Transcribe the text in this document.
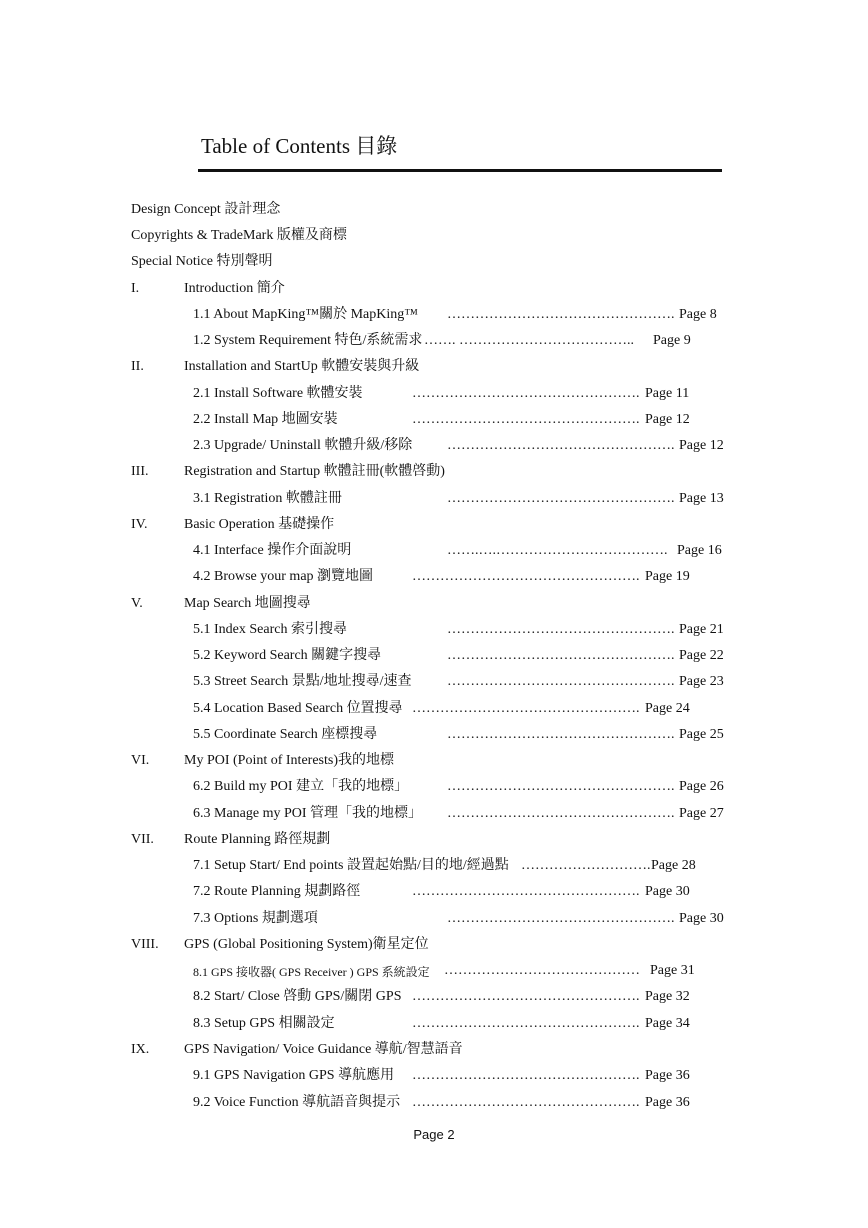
Table of Contents 目錄
Design Concept 設計理念
Copyrights & TradeMark 版權及商標
Special Notice 特別聲明
I.	Introduction 簡介
1.1 About MapKing™關於 MapKing™ …………………………………………. Page 8
1.2 System Requirement 特色/系統需求 ……. ……………………………….. Page 9
II.	Installation and StartUp 軟體安裝與升級
2.1 Install Software 軟體安裝	…………………………………………. Page 11
2.2 Install Map 地圖安裝	…………………………………………. Page 12
2.3 Upgrade/ Uninstall 軟體升級/移除 …………………………………………. Page 12
III.	Registration and Startup 軟體註冊(軟體啓動)
3.1 Registration 軟體註冊	…………………………………………. Page 13
IV.	Basic Operation 基礎操作
4.1 Interface 操作介面說明	…….….………………………………. Page 16
4.2 Browse your map 瀏覽地圖	…………………………………………. Page 19
V.	Map Search 地圖搜尋
5.1 Index Search 索引搜尋	…………………………………………. Page 21
5.2 Keyword Search 關鍵字搜尋	…………………………………………. Page 22
5.3 Street Search 景點/地址搜尋/速查	…………………………………………. Page 23
5.4 Location Based Search 位置搜尋 …………………………………………. Page 24
5.5 Coordinate Search 座標搜尋	…………………………………………. Page 25
VI. My POI (Point of Interests)我的地標
6.2 Build my POI 建立「我的地標」	…………………………………………. Page 26
6.3 Manage my POI 管理「我的地標」 …………………………………………. Page 27
VII. Route Planning 路徑規劃
7.1 Setup Start/ End points 設置起始點/目的地/經過點 ………………………. Page 28
7.2 Route Planning 規劃路徑	…………………………………………. Page 30
7.3 Options 規劃選項	…………………………………………. Page 30
VIII. GPS (Global Positioning System)衛星定位
8.1 GPS 接收器( GPS Receiver ) GPS 系統設定 …………………………………… Page 31
8.2 Start/ Close 啓動 GPS/關閉 GPS …………………………………………. Page 32
8.3 Setup GPS 相關設定	…………………………………………. Page 34
IX. GPS Navigation/ Voice Guidance 導航/智慧語音
9.1 GPS Navigation GPS 導航應用 …………………………………………. Page 36
9.2 Voice Function 導航語音與提示 …………………………………………. Page 36
Page 2
